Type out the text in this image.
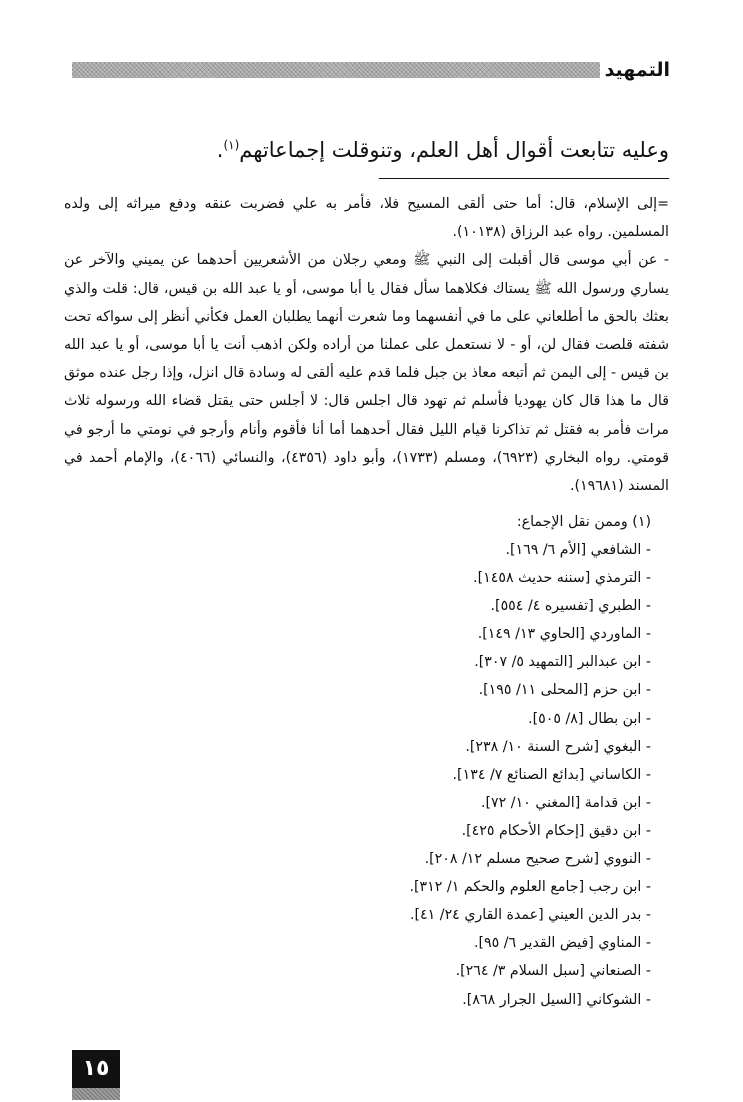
التمهيد
وعليه تتابعت أقوال أهل العلم، وتنوقلت إجماعاتهم$^{(١)}$.

=إلى الإسلام، قال: أما حتى ألقى المسيح فلا، فأمر به علي فضربت عنقه ودفع ميراثه إلى ولده المسلمين. رواه عبد الرزاق (١٠١٣٨).

- عن أبي موسى قال أقبلت إلى النبي ﷺ ومعي رجلان من الأشعريين أحدهما عن يميني والآخر عن يساري ورسول الله ﷺ يستاك فكلاهما سأل فقال يا أبا موسى، أو يا عبد الله بن قيس، قال: قلت والذي بعثك بالحق ما أطلعاني على ما في أنفسهما وما شعرت أنهما يطلبان العمل فكأني أنظر إلى سواكه تحت شفته قلصت فقال لن، أو - لا نستعمل على عملنا من أراده ولكن اذهب أنت يا أبا موسى، أو يا عبد الله بن قيس - إلى اليمن ثم أتبعه معاذ بن جبل فلما قدم عليه ألقى له وسادة قال انزل، وإذا رجل عنده موثق قال ما هذا قال كان يهوديا فأسلم ثم تهود قال اجلس قال: لا أجلس حتى يقتل قضاء الله ورسوله ثلاث مرات فأمر به فقتل ثم تذاكرنا قيام الليل فقال أحدهما أما أنا فأقوم وأنام وأرجو في نومتي ما أرجو في قومتي. رواه البخاري (٦٩٢٣)، ومسلم (١٧٣٣)، وأبو داود (٤٣٥٦)، والنسائي (٤٠٦٦)، والإمام أحمد في المسند (١٩٦٨١).

(١) وممن نقل الإجماع:
- الشافعي [الأم ٦/ ١٦٩].
- الترمذي [سننه حديث ١٤٥٨].
- الطبري [تفسيره ٤/ ٥٥٤].
- الماوردي [الحاوي ١٣/ ١٤٩].
- ابن عبدالبر [التمهيد ٥/ ٣٠٧].
- ابن حزم [المحلى ١١/ ١٩٥].
- ابن بطال [٨/ ٥٠٥].
- البغوي [شرح السنة ١٠/ ٢٣٨].
- الكاساني [بدائع الصنائع ٧/ ١٣٤].
- ابن قدامة [المغني ١٠/ ٧٢].
- ابن دقيق [إحكام الأحكام ٤٢٥].
- النووي [شرح صحيح مسلم ١٢/ ٢٠٨].
- ابن رجب [جامع العلوم والحكم ١/ ٣١٢].
- بدر الدين العيني [عمدة القاري ٢٤/ ٤١].
- المناوي [فيض القدير ٦/ ٩٥].
- الصنعاني [سبل السلام ٣/ ٢٦٤].
- الشوكاني [السيل الجرار ٨٦٨].
١٥
